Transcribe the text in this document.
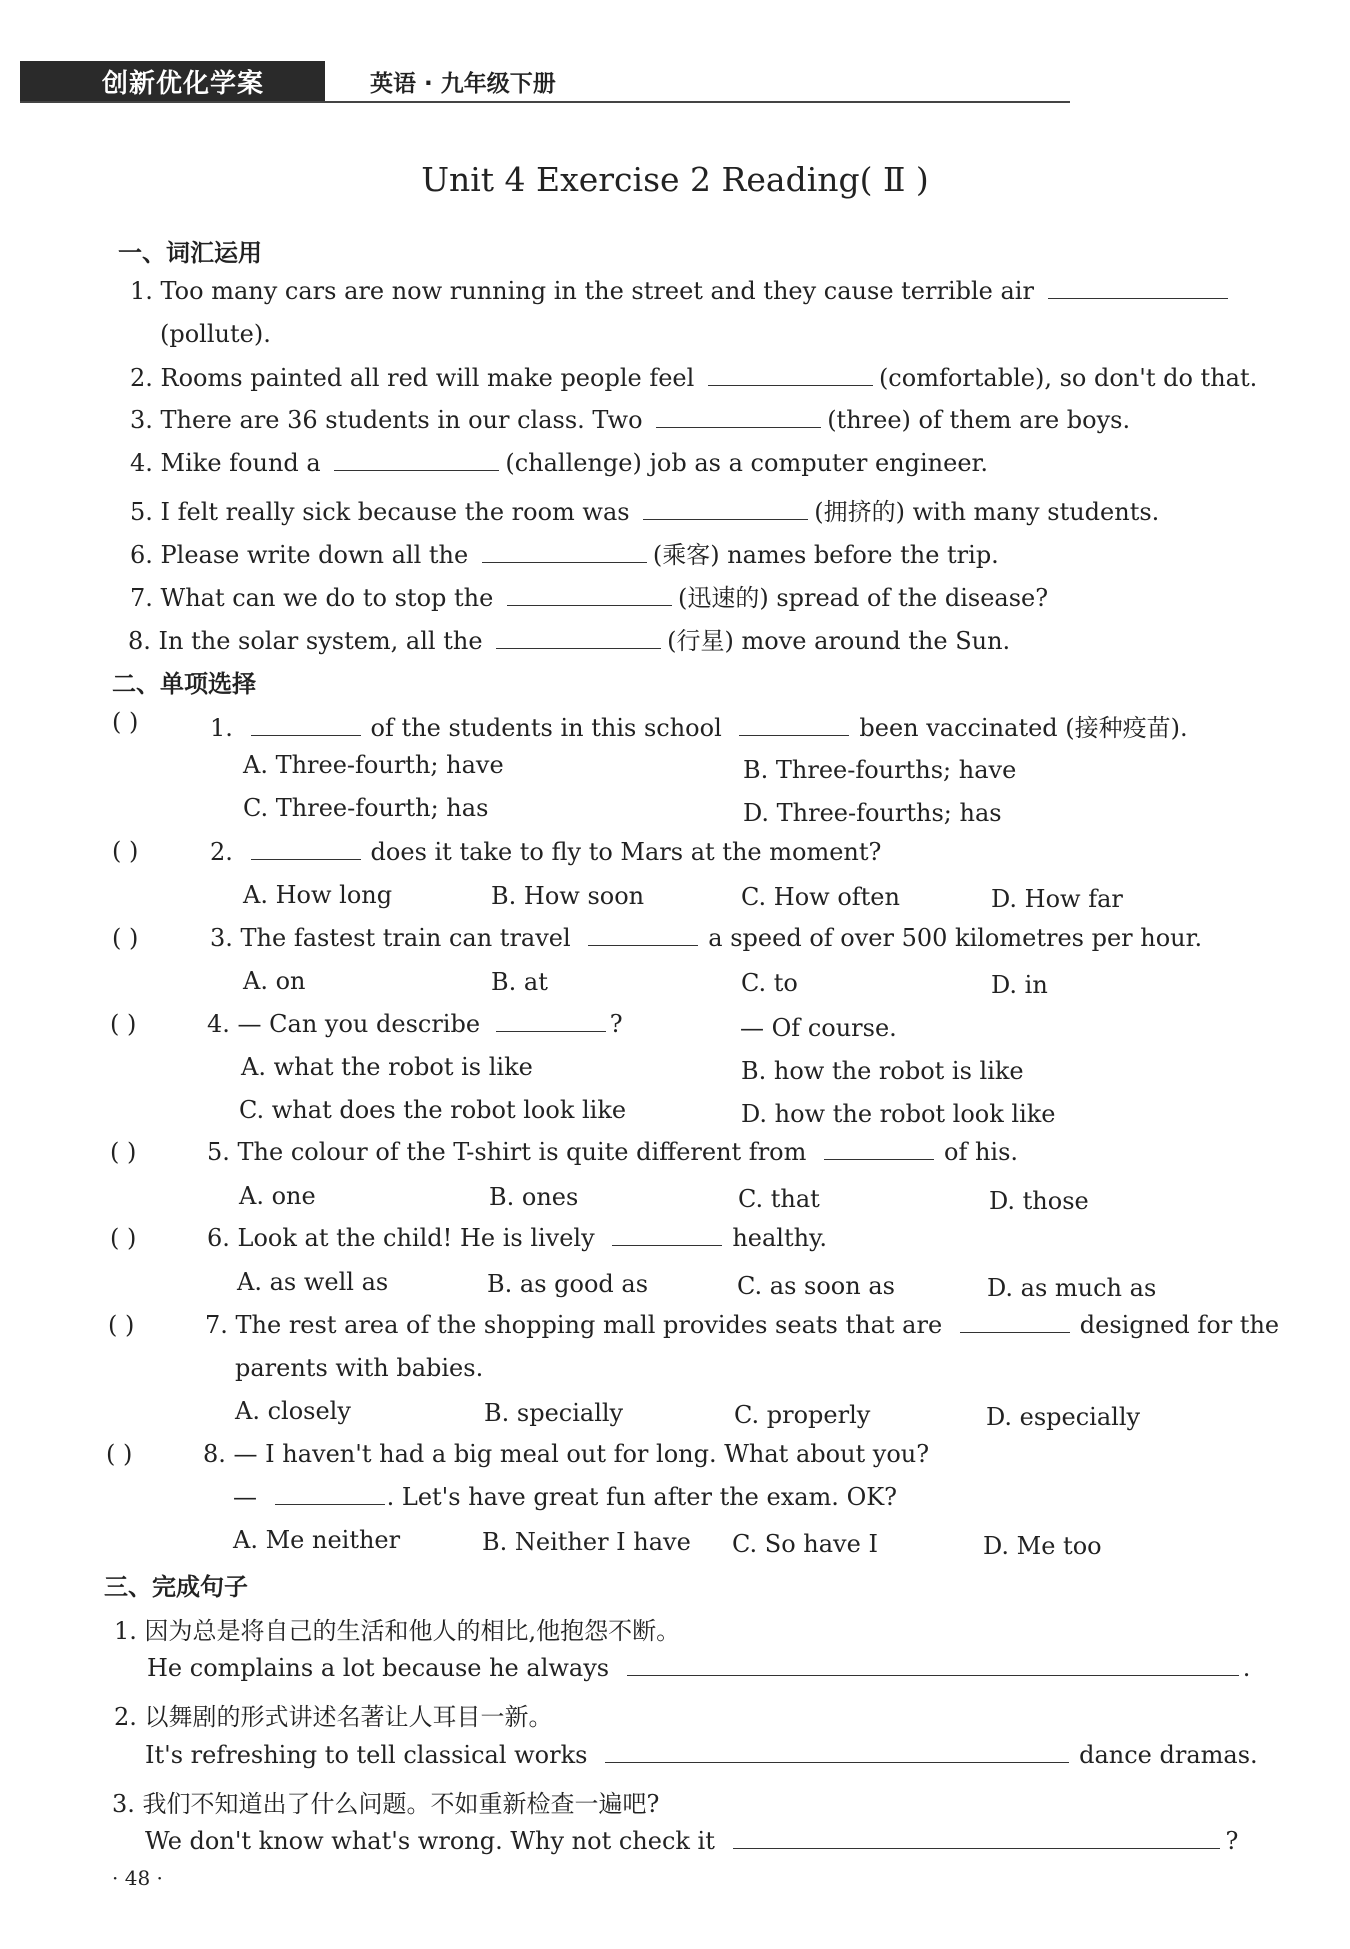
创新优化学案	英语 · 九年级下册
Unit 4 Exercise 2 Reading( Ⅱ )
一、词汇运用
1. Too many cars are now running in the street and they cause terrible air
(pollute).
2. Rooms painted all red will make people feel	(comfortable), so don't do that.
3. There are 36 students in our class. Two	(three) of them are boys.
4. Mike found a	(challenge) job as a computer engineer.
5. I felt really sick because the room was	(拥挤的) with many students.
6. Please write down all the	(乘客) names before the trip.
7. What can we do to stop the	(迅速的) spread of the disease?
8. In the solar system, all the	(行星) move around the Sun.
二、单项选择
( )	1.	of the students in this school	been vaccinated (接种疫苗).
A. Three-fourth; have	B. Three-fourths; have
C. Three-fourth; has	D. Three-fourths; has
( )	2.	does it take to fly to Mars at the moment?
A. How long	B. How soon	C. How often	D. How far
( )	3. The fastest train can travel	a speed of over 500 kilometres per hour.
A. on	B. at	C. to	D. in
( )	4. — Can you describe	?	— Of course.
A. what the robot is like	B. how the robot is like
C. what does the robot look like	D. how the robot look like
( )	5. The colour of the T-shirt is quite different from	of his.
A. one	B. ones	C. that	D. those
( )	6. Look at the child! He is lively	healthy.
A. as well as	B. as good as	C. as soon as	D. as much as
( )	7. The rest area of the shopping mall provides seats that are	designed for the
parents with babies.
A. closely	B. specially	C. properly	D. especially
( )	8. — I haven't had a big meal out for long. What about you?
—	. Let's have great fun after the exam. OK?
A. Me neither	B. Neither I have C. So have I	D. Me too
三、完成句子
1. 因为总是将自己的生活和他人的相比,他抱怨不断。
He complains a lot because he always	.
2. 以舞剧的形式讲述名著让人耳目一新。
It's refreshing to tell classical works	dance dramas.
3. 我们不知道出了什么问题。不如重新检查一遍吧?
We don't know what's wrong. Why not check it	?
· 48 ·
